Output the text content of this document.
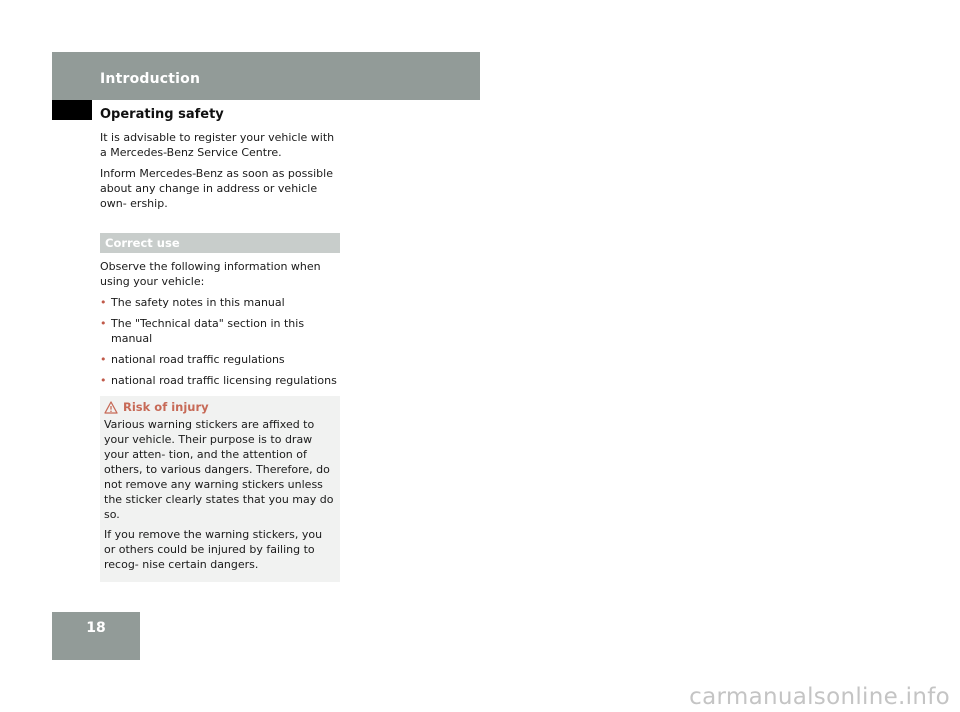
Introduction
Operating safety

It is advisable to register your vehicle with a Mercedes-Benz Service Centre.

Inform Mercedes-Benz as soon as possible about any change in address or vehicle own- ership.

Correct use

Observe the following information when using your vehicle:

• The safety notes in this manual
• The "Technical data" section in this manual
• national road traffic regulations
• national road traffic licensing regulations
Risk of injury

Various warning stickers are affixed to your vehicle. Their purpose is to draw your atten- tion, and the attention of others, to various dangers. Therefore, do not remove any warning stickers unless the sticker clearly states that you may do so.

If you remove the warning stickers, you or others could be injured by failing to recog- nise certain dangers.

18
carmanualsonline.info
